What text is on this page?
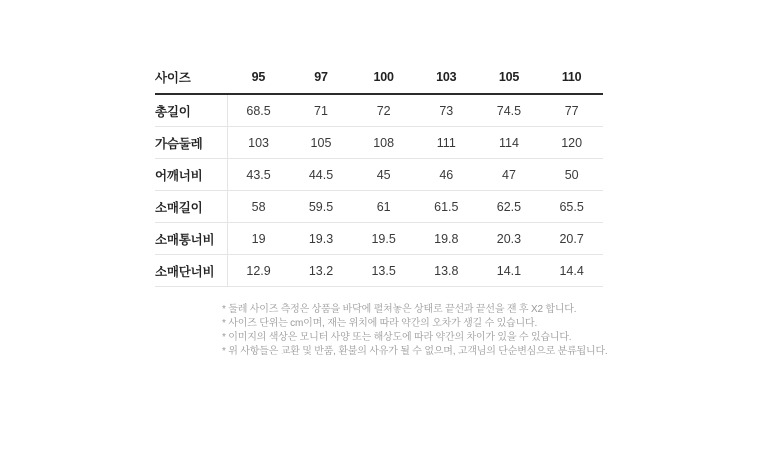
사이즈	95	97	100	103	105	110
총길이	68.5	71	72	73	74.5	77
가슴둘레	103	105	108	111	114	120
어깨너비	43.5	44.5	45	46	47	50
소매길이	58	59.5	61	61.5	62.5	65.5
소매통너비	19	19.3	19.5	19.8	20.3	20.7
소매단너비	12.9	13.2	13.5	13.8	14.1	14.4
* 둘레 사이즈 측정은 상품을 바닥에 펼쳐놓은 상태로 끝선과 끝선을 잰 후 X2 합니다.
* 사이즈 단위는 cm이며, 재는 위치에 따라 약간의 오차가 생길 수 있습니다.
* 이미지의 색상은 모니터 사양 또는 해상도에 따라 약간의 차이가 있을 수 있습니다.
* 위 사항들은 교환 및 반품, 환불의 사유가 될 수 없으며, 고객님의 단순변심으로 분류됩니다.
